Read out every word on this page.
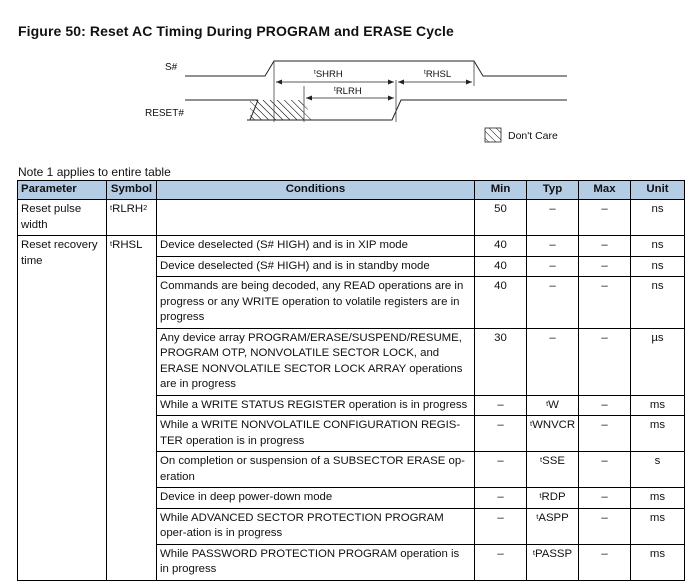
Figure 50: Reset AC Timing During PROGRAM and ERASE Cycle
S#
RESET#
$^t$SHRH	$^t$RHSL
$^t$RLRH
Don't Care
Note 1 applies to entire table
Parameter	Symbol	Conditions	Min	Typ	Max	Unit
Reset pulse width	$^t$RLRH$^2$		50	–	–	ns
Reset recovery time	$^t$RHSL	Device deselected (S# HIGH) and is in XIP mode	40	–	–	ns
		Device deselected (S# HIGH) and is in standby mode	40	–	–	ns
		Commands are being decoded, any READ operations are in progress or any WRITE operation to volatile registers are in progress	40	–	–	ns
		Any device array PROGRAM/ERASE/SUSPEND/RESUME, PROGRAM OTP, NONVOLATILE SECTOR LOCK, and ERASE NONVOLATILE SECTOR LOCK ARRAY operations are in progress	30	–	–	µs
		While a WRITE STATUS REGISTER operation is in progress	–	$^t$W	–	ms
		While a WRITE NONVOLATILE CONFIGURATION REGIS-TER operation is in progress	–	$^t$WNVCR	–	ms
		On completion or suspension of a SUBSECTOR ERASE op-eration	–	$^t$SSE	–	s
		Device in deep power-down mode	–	$^t$RDP	–	ms
		While ADVANCED SECTOR PROTECTION PROGRAM oper-ation is in progress	–	$^t$ASPP	–	ms
		While PASSWORD PROTECTION PROGRAM operation is in progress	–	$^t$PASSP	–	ms
